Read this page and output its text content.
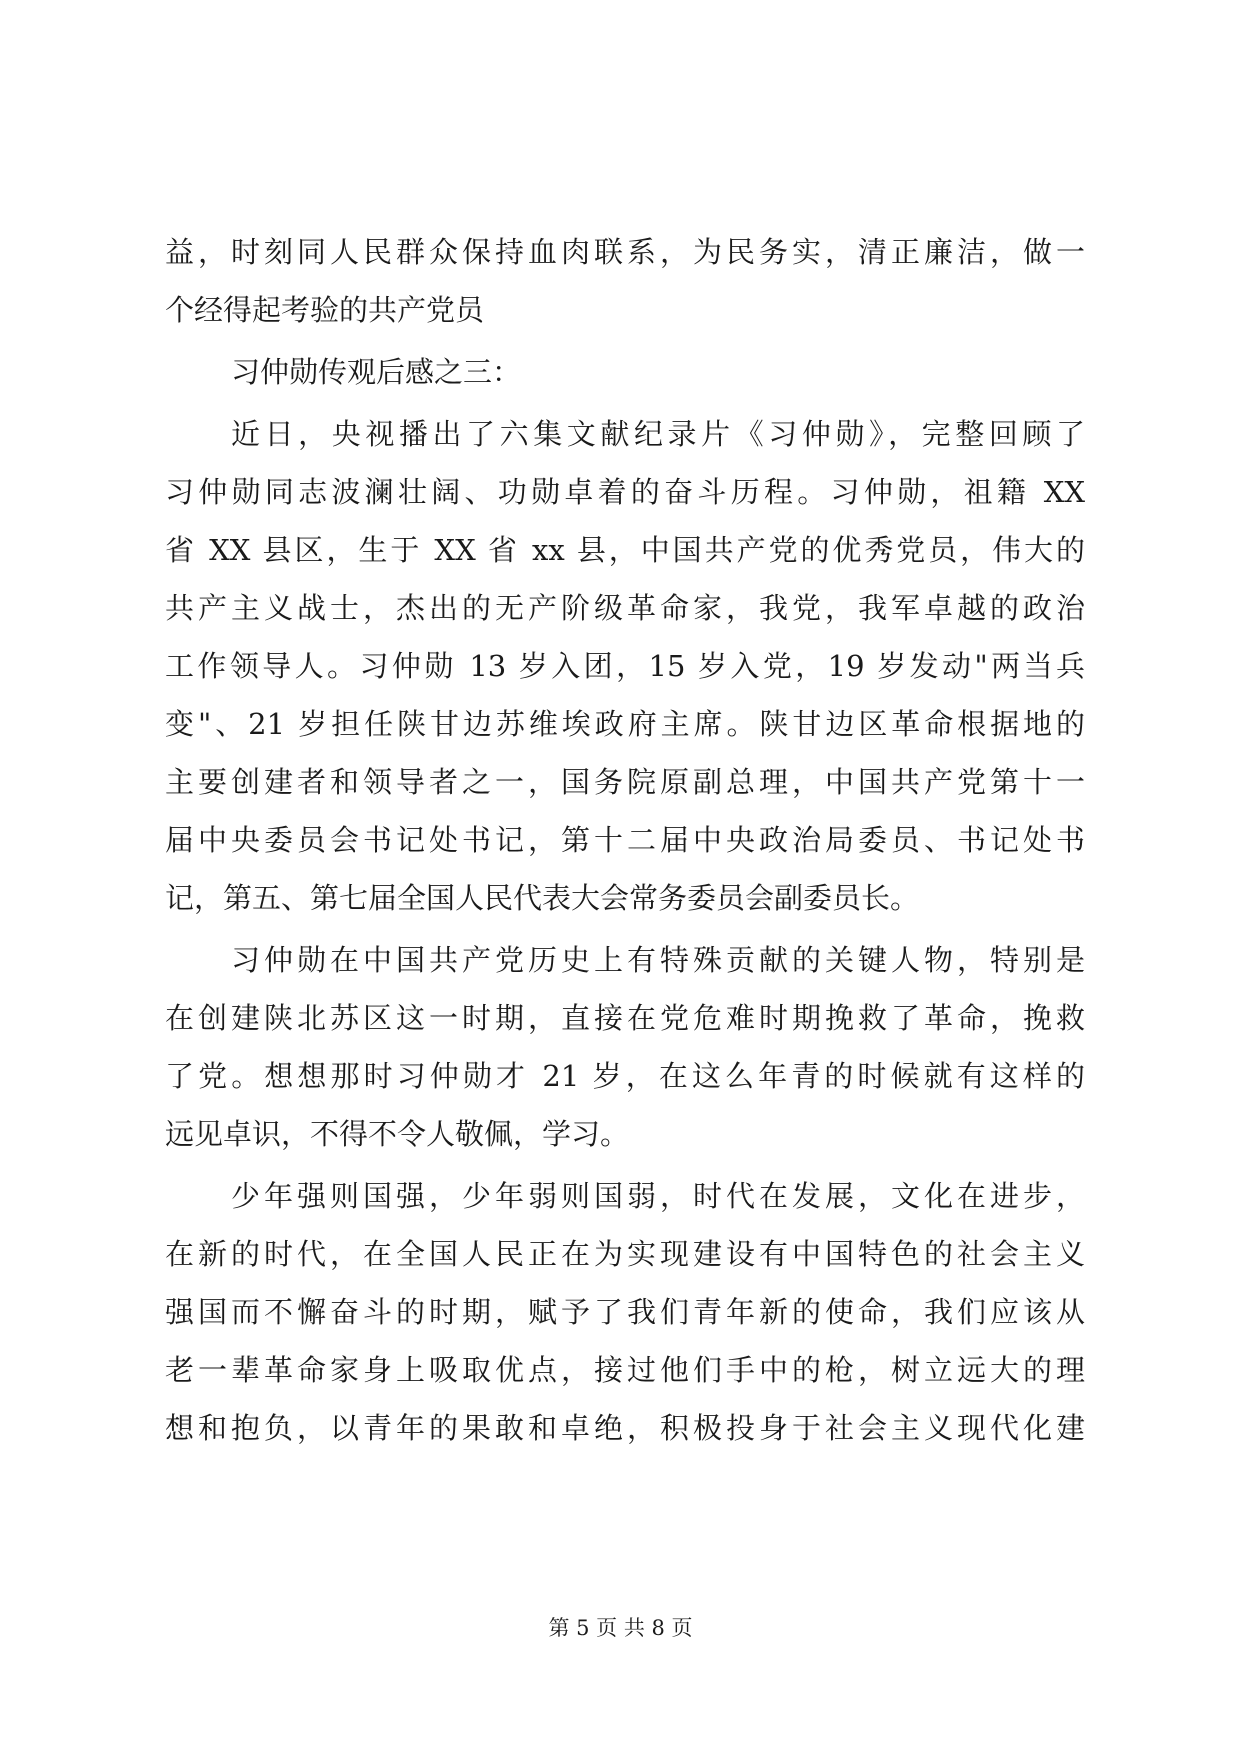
益，时刻同人民群众保持血肉联系，为民务实，清正廉洁，做一
个经得起考验的共产党员
习仲勋传观后感之三：
近日，央视播出了六集文献纪录片《习仲勋》，完整回顾了
习仲勋同志波澜壮阔、功勋卓着的奋斗历程。习仲勋，祖籍 XX
省 XX 县区，生于 XX 省 xx 县，中国共产党的优秀党员，伟大的
共产主义战士，杰出的无产阶级革命家，我党，我军卓越的政治
工作领导人。习仲勋 13 岁入团，15 岁入党，19 岁发动"两当兵
变"、21 岁担任陕甘边苏维埃政府主席。陕甘边区革命根据地的
主要创建者和领导者之一，国务院原副总理，中国共产党第十一
届中央委员会书记处书记，第十二届中央政治局委员、书记处书
记，第五、第七届全国人民代表大会常务委员会副委员长。
习仲勋在中国共产党历史上有特殊贡献的关键人物，特别是
在创建陕北苏区这一时期，直接在党危难时期挽救了革命，挽救
了党。想想那时习仲勋才 21 岁，在这么年青的时候就有这样的
远见卓识，不得不令人敬佩，学习。
少年强则国强，少年弱则国弱，时代在发展，文化在进步，
在新的时代，在全国人民正在为实现建设有中国特色的社会主义
强国而不懈奋斗的时期，赋予了我们青年新的使命，我们应该从
老一辈革命家身上吸取优点，接过他们手中的枪，树立远大的理
想和抱负，以青年的果敢和卓绝，积极投身于社会主义现代化建
第 5 页 共 8 页
